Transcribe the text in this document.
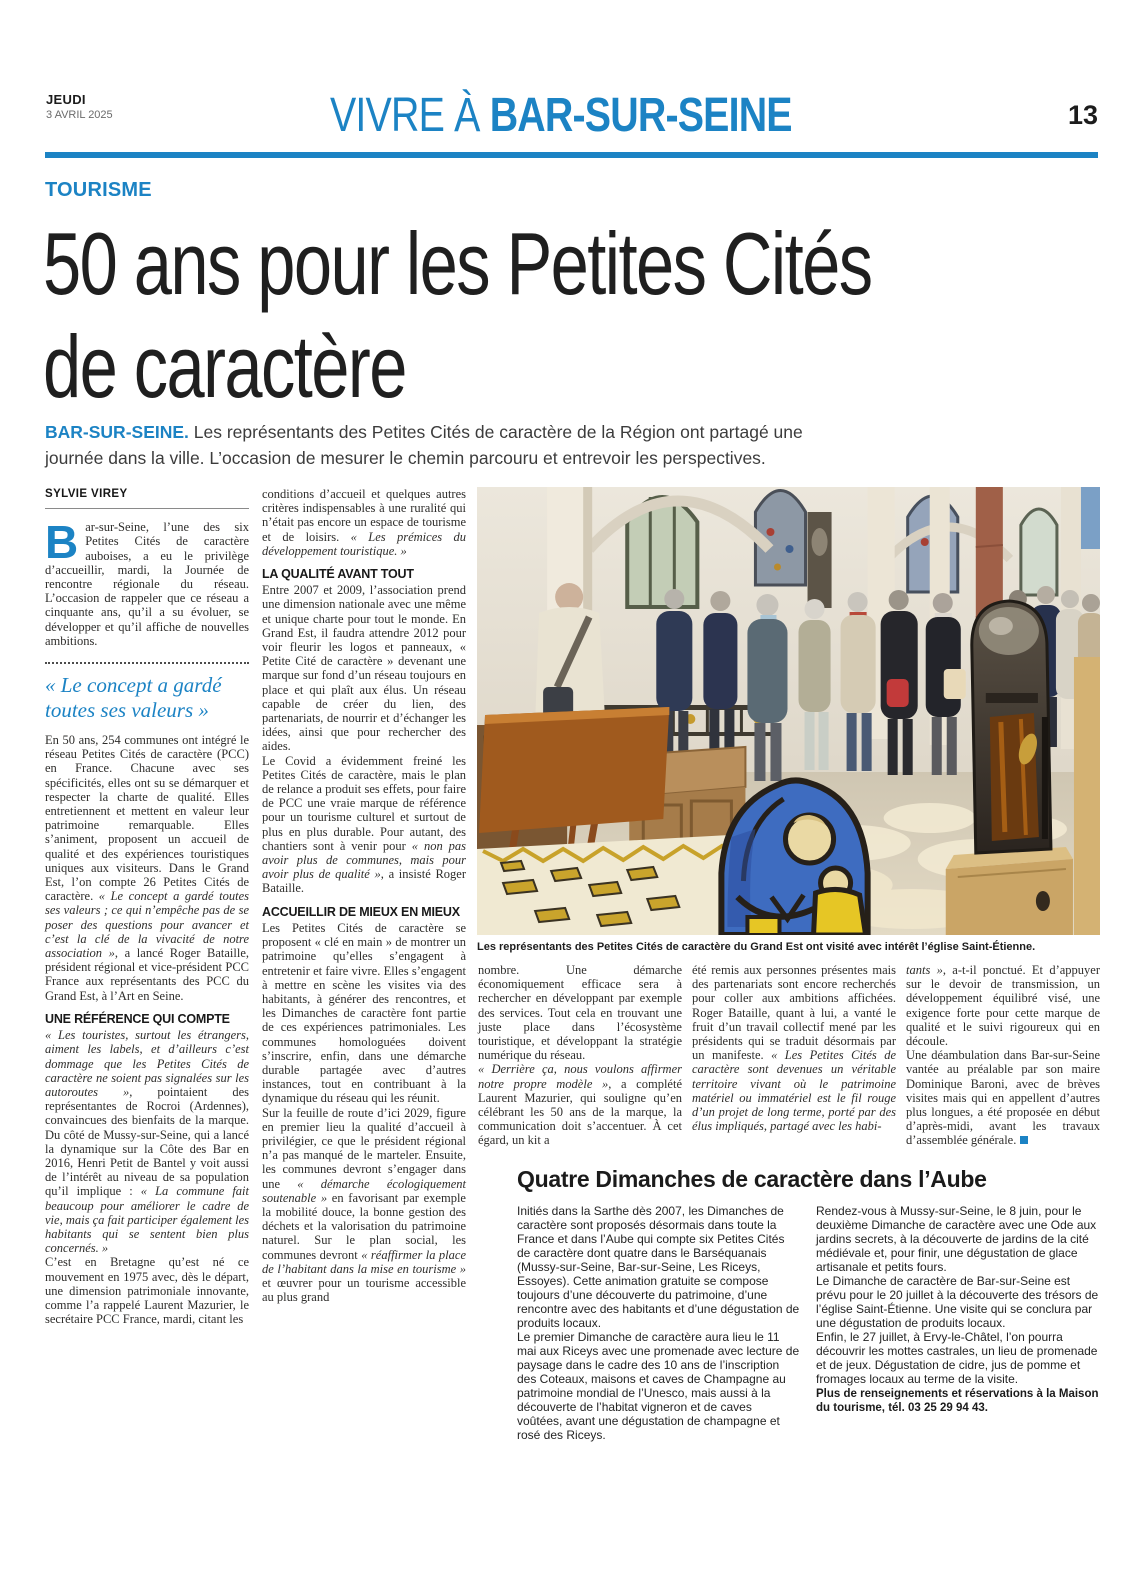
JEUDI
3 AVRIL 2025	VIVRE À BAR-SUR-SEINE	13
TOURISME
50 ans pour les Petites Cités
de caractère
BAR-SUR-SEINE. Les représentants des Petites Cités de caractère de la Région ont partagé une journée dans la ville. L’occasion de mesurer le chemin parcouru et entrevoir les perspectives.
SYLVIE VIREY

Bar-sur-Seine, l’une des six Petites Cités de caractère auboises, a eu le privilège d’accueillir, mardi, la Journée de rencontre régionale du réseau. L’occasion de rappeler que ce réseau a cinquante ans, qu’il a su évoluer, se développer et qu’il affiche de nouvelles ambitions.

« Le concept a gardé toutes ses valeurs »

En 50 ans, 254 communes ont intégré le réseau Petites Cités de caractère (PCC) en France. Chacune avec ses spécificités, elles ont su se démarquer et respecter la charte de qualité. Elles entretiennent et mettent en valeur leur patrimoine remarquable. Elles s’animent, proposent un accueil de qualité et des expériences touristiques uniques aux visiteurs. Dans le Grand Est, l’on compte 26 Petites Cités de caractère. « Le concept a gardé toutes ses valeurs ; ce qui n’empêche pas de se poser des questions pour avancer et c’est la clé de la vivacité de notre association », a lancé Roger Bataille, président régional et vice-président PCC France aux représentants des PCC du Grand Est, à l’Art en Seine.

UNE RÉFÉRENCE QUI COMPTE

« Les touristes, surtout les étrangers, aiment les labels, et d’ailleurs c’est dommage que les Petites Cités de caractère ne soient pas signalées sur les autoroutes », pointaient des représentantes de Rocroi (Ardennes), convaincues des bienfaits de la marque. Du côté de Mussy-sur-Seine, qui a lancé la dynamique sur la Côte des Bar en 2016, Henri Petit de Bantel y voit aussi de l’intérêt au niveau de sa population qu’il implique : « La commune fait beaucoup pour améliorer le cadre de vie, mais ça fait participer également les habitants qui se sentent bien plus concernés. »

C’est en Bretagne qu’est né ce mouvement en 1975 avec, dès le départ, une dimension patrimoniale innovante, comme l’a rappelé Laurent Mazurier, le secrétaire PCC France, mardi, citant les

conditions d’accueil et quelques autres critères indispensables à une ruralité qui n’était pas encore un espace de tourisme et de loisirs. « Les prémices du développement touristique. »

LA QUALITÉ AVANT TOUT

Entre 2007 et 2009, l’association prend une dimension nationale avec une même et unique charte pour tout le monde. En Grand Est, il faudra attendre 2012 pour voir fleurir les logos et panneaux, « Petite Cité de caractère » devenant une marque sur fond d’un réseau toujours en place et qui plaît aux élus. Un réseau capable de créer du lien, des partenariats, de nourrir et d’échanger les idées, ainsi que pour rechercher des aides.

Le Covid a évidemment freiné les Petites Cités de caractère, mais le plan de relance a produit ses effets, pour faire de PCC une vraie marque de référence pour un tourisme culturel et surtout de plus en plus durable. Pour autant, des chantiers sont à venir pour « non pas avoir plus de communes, mais pour avoir plus de qualité », a insisté Roger Bataille.

ACCUEILLIR DE MIEUX EN MIEUX

Les Petites Cités de caractère se proposent « clé en main » de montrer un patrimoine qu’elles s’engagent à entretenir et faire vivre. Elles s’engagent à mettre en scène les visites via des habitants, à générer des rencontres, et les Dimanches de caractère font partie de ces expériences patrimoniales. Les communes homologuées doivent s’inscrire, enfin, dans une démarche durable partagée avec d’autres instances, tout en contribuant à la dynamique du réseau qui les réunit.

Sur la feuille de route d’ici 2029, figure en premier lieu la qualité d’accueil à privilégier, ce que le président régional n’a pas manqué de le marteler. Ensuite, les communes devront s’engager dans une « démarche écologiquement soutenable » en favorisant par exemple la mobilité douce, la bonne gestion des déchets et la valorisation du patrimoine naturel. Sur le plan social, les communes devront « réaffirmer la place de l’habitant dans la mise en tourisme » et œuvrer pour un tourisme accessible au plus grand

Les représentants des Petites Cités de caractère du Grand Est ont visité avec intérêt l’église Saint-Étienne.

nombre. Une démarche économiquement efficace sera à rechercher en développant par exemple des services. Tout cela en trouvant une juste place dans l’écosystème touristique, et développant la stratégie numérique du réseau.

« Derrière ça, nous voulons affirmer notre propre modèle », a complété Laurent Mazurier, qui souligne qu’en célébrant les 50 ans de la marque, la communication doit s’accentuer. À cet égard, un kit a

été remis aux personnes présentes mais des partenariats sont encore recherchés pour coller aux ambitions affichées. Roger Bataille, quant à lui, a vanté le fruit d’un travail collectif mené par les présidents qui se traduit désormais par un manifeste. « Les Petites Cités de caractère sont devenues un véritable territoire vivant où le patrimoine matériel ou immatériel est le fil rouge d’un projet de long terme, porté par des élus impliqués, partagé avec les habi-

tants », a-t-il ponctué. Et d’appuyer sur le devoir de transmission, un développement équilibré visé, une exigence forte pour cette marque de qualité et le suivi rigoureux qui en découle.

Une déambulation dans Bar-sur-Seine vantée au préalable par son maire Dominique Baroni, avec de brèves visites mais qui en appellent d’autres plus longues, a été proposée en début d’après-midi, avant les travaux d’assemblée générale.

Quatre Dimanches de caractère dans l’Aube

Initiés dans la Sarthe dès 2007, les Dimanches de caractère sont proposés désormais dans toute la France et dans l’Aube qui compte six Petites Cités de caractère dont quatre dans le Barséquanais (Mussy-sur-Seine, Bar-sur-Seine, Les Riceys, Essoyes). Cette animation gratuite se compose toujours d’une découverte du patrimoine, d’une rencontre avec des habitants et d’une dégustation de produits locaux.

Le premier Dimanche de caractère aura lieu le 11 mai aux Riceys avec une promenade avec lecture de paysage dans le cadre des 10 ans de l’inscription des Coteaux, maisons et caves de Champagne au patrimoine mondial de l’Unesco, mais aussi à la découverte de l’habitat vigneron et de caves voûtées, avant une dégustation de champagne et rosé des Riceys.

Rendez-vous à Mussy-sur-Seine, le 8 juin, pour le deuxième Dimanche de caractère avec une Ode aux jardins secrets, à la découverte de jardins de la cité médiévale et, pour finir, une dégustation de glace artisanale et petits fours.

Le Dimanche de caractère de Bar-sur-Seine est prévu pour le 20 juillet à la découverte des trésors de l’église Saint-Étienne. Une visite qui se conclura par une dégustation de produits locaux.

Enfin, le 27 juillet, à Ervy-le-Châtel, l’on pourra découvrir les mottes castrales, un lieu de promenade et de jeux. Dégustation de cidre, jus de pomme et fromages locaux au terme de la visite.

Plus de renseignements et réservations à la Maison du tourisme, tél. 03 25 29 94 43.
